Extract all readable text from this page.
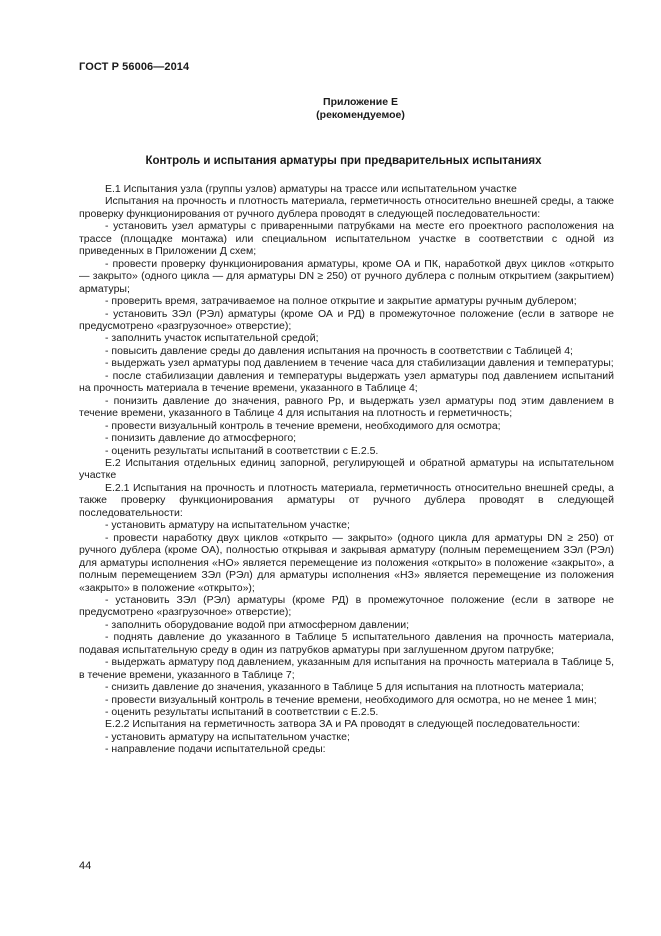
ГОСТ Р 56006—2014
Приложение Е
(рекомендуемое)
Контроль и испытания арматуры при предварительных испытаниях

Е.1 Испытания узла (группы узлов) арматуры на трассе или испытательном участке

Испытания на прочность и плотность материала, герметичность относительно внешней среды, а также проверку функционирования от ручного дублера проводят в следующей последовательности:

- установить узел арматуры с приваренными патрубками на месте его проектного расположения на трассе (площадке монтажа) или специальном испытательном участке в соответствии с одной из приведенных в Приложении Д схем;

- провести проверку функционирования арматуры, кроме ОА и ПК, наработкой двух циклов «открыто — закрыто» (одного цикла — для арматуры DN ≥ 250) от ручного дублера с полным открытием (закрытием) арматуры;

- проверить время, затрачиваемое на полное открытие и закрытие арматуры ручным дублером;

- установить ЗЭл (РЭл) арматуры (кроме ОА и РД) в промежуточное положение (если в затворе не предусмотрено «разгрузочное» отверстие);

- заполнить участок испытательной средой;

- повысить давление среды до давления испытания на прочность в соответствии с Таблицей 4;

- выдержать узел арматуры под давлением в течение часа для стабилизации давления и температуры;

- после стабилизации давления и температуры выдержать узел арматуры под давлением испытаний на прочность материала в течение времени, указанного в Таблице 4;

- понизить давление до значения, равного Рр, и выдержать узел арматуры под этим давлением в течение времени, указанного в Таблице 4 для испытания на плотность и герметичность;

- провести визуальный контроль в течение времени, необходимого для осмотра;

- понизить давление до атмосферного;

- оценить результаты испытаний в соответствии с Е.2.5.

Е.2 Испытания отдельных единиц запорной, регулирующей и обратной арматуры на испытательном участке

Е.2.1 Испытания на прочность и плотность материала, герметичность относительно внешней среды, а также проверку функционирования арматуры от ручного дублера проводят в следующей последовательности:

- установить арматуру на испытательном участке;

- провести наработку двух циклов «открыто — закрыто» (одного цикла для арматуры DN ≥ 250) от ручного дублера (кроме ОА), полностью открывая и закрывая арматуру (полным перемещением ЗЭл (РЭл) для арматуры исполнения «НО» является перемещение из положения «открыто» в положение «закрыто», а полным перемещением ЗЭл (РЭл) для арматуры исполнения «НЗ» является перемещение из положения «закрыто» в положение «открыто»);

- установить ЗЭл (РЭл) арматуры (кроме РД) в промежуточное положение (если в затворе не предусмотрено «разгрузочное» отверстие);

- заполнить оборудование водой при атмосферном давлении;

- поднять давление до указанного в Таблице 5 испытательного давления на прочность материала, подавая испытательную среду в один из патрубков арматуры при заглушенном другом патрубке;

- выдержать арматуру под давлением, указанным для испытания на прочность материала в Таблице 5, в течение времени, указанного в Таблице 7;

- снизить давление до значения, указанного в Таблице 5 для испытания на плотность материала;

- провести визуальный контроль в течение времени, необходимого для осмотра, но не менее 1 мин;

- оценить результаты испытаний в соответствии с Е.2.5.

Е.2.2 Испытания на герметичность затвора ЗА и РА проводят в следующей последовательности:

- установить арматуру на испытательном участке;

- направление подачи испытательной среды:

44
